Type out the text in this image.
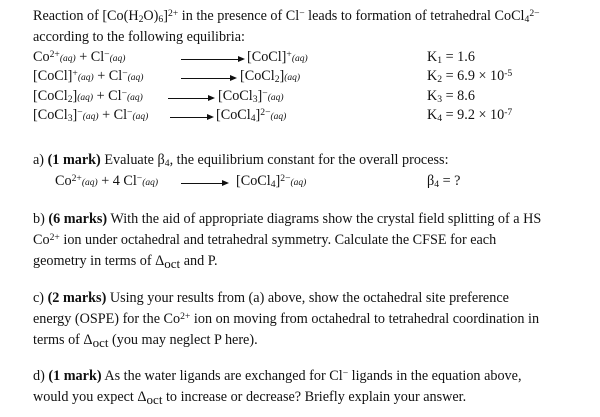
Reaction of $[Co(H_2O)_6]^{2+}$ in the presence of Cl− leads to formation of tetrahedral CoCl$_4^{2-}$
according to the following equilibria:
$Co^{2+}(aq) + Cl^-(aq)$	[CoCl]+(aq)	$K_1 = 1.6$
[CoCl]+(aq) + Cl−(aq)	→ [CoCl$_2$](aq)	$K_2 = 6.9 \times 10^{-5}$
[CoCl$_2$](aq) + Cl−(aq) → [CoCl$_3$]−(aq)	$K_3 = 8.6$
[CoCl$_3$]−(aq) + Cl−(aq) → [CoCl$_4$]$^{2-}$(aq)	$K_4 = 9.2 \times 10^{-7}$
a) (1 mark) Evaluate $\beta_4$, the equilibrium constant for the overall process:
$Co^{2+}(aq) + 4$ Cl−(aq) → [CoCl$_4$]$^{2-}$(aq)	$\beta_4$ = ?
b) (6 marks) With the aid of appropriate diagrams show the crystal field splitting of a HS
$Co^{2+}$ ion under octahedral and tetrahedral symmetry. Calculate the CFSE for each
geometry in terms of $\Delta_{oct}$ and P.
c) (2 marks) Using your results from (a) above, show the octahedral site preference
energy (OSPE) for the $Co^{2+}$ ion on moving from octahedral to tetrahedral coordination in
terms of $\Delta_{oct}$ (you may neglect P here).
d) (1 mark) As the water ligands are exchanged for Cl− ligands in the equation above,
would you expect $\Delta_{oct}$ to increase or decrease? Briefly explain your answer.
